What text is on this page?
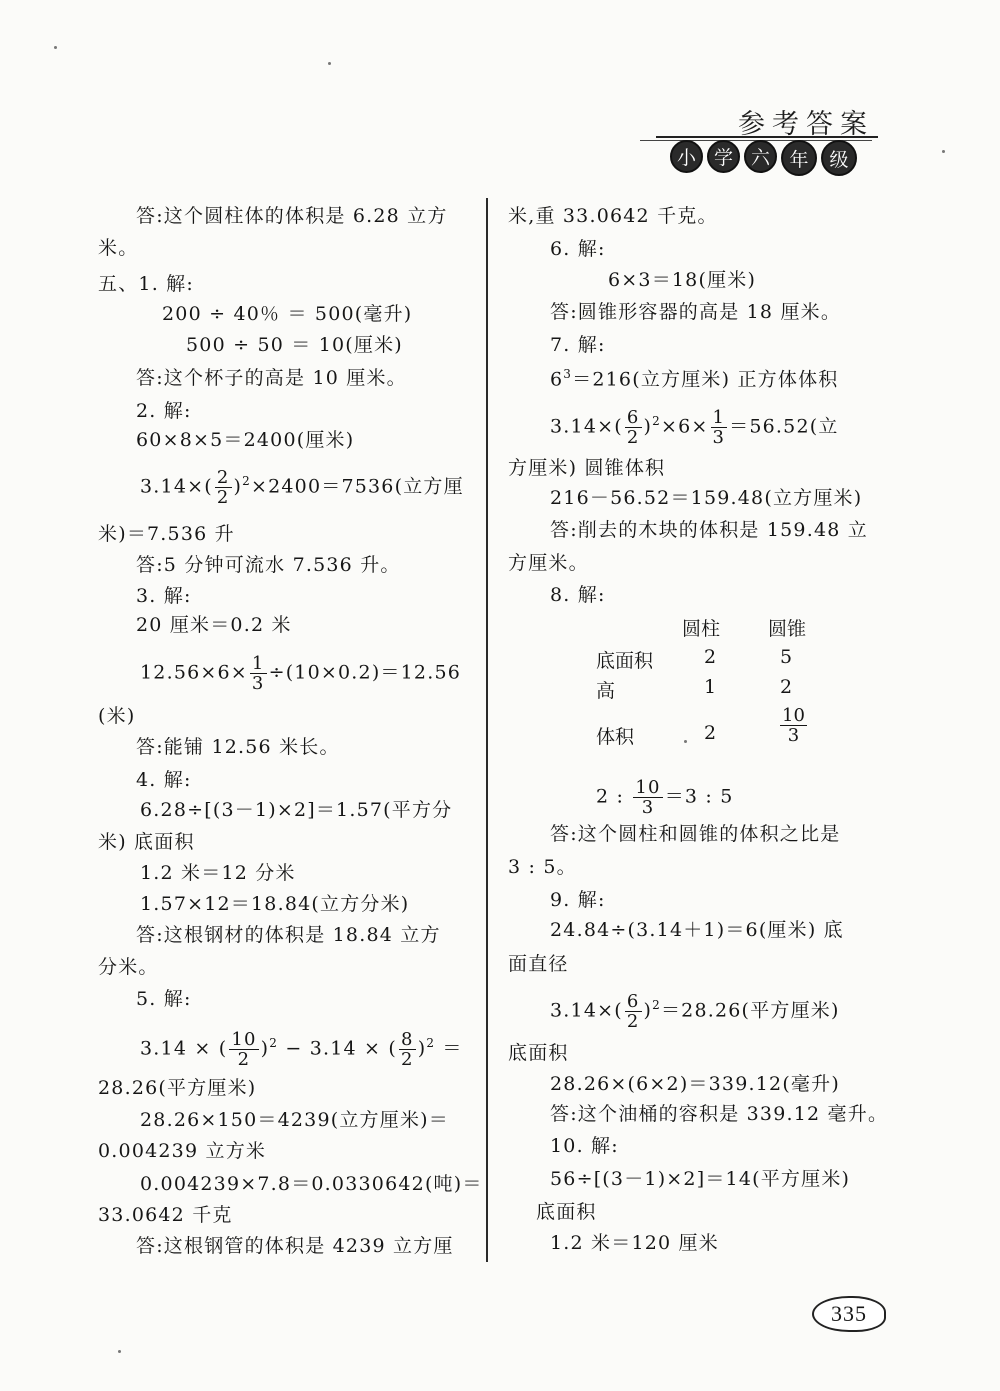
参考答案
小 学 六	年	级
答:这个圆柱体的体积是 6.28 立方
米。
五、1. 解:
200 ÷ 40％ ＝ 500(毫升)
500 ÷ 50 ＝ 10(厘米)
答:这个杯子的高是 10 厘米。
2. 解:
60×8×5＝2400(厘米)
$3.14\times( \frac{2}{2} )^2\times 2400=7536$(立方厘
米)＝7.536 升
答:5 分钟可流水 7.536 升。
3. 解:
20 厘米＝0.2 米
$12.56\times 6\times \frac{1}{3} \div(10\times 0.2)=12.56$
(米)
答:能铺 12.56 米长。
4. 解:
6.28÷[(3－1)×2]＝1.57(平方分
米) 底面积
1.2 米＝12 分米
1.57×12＝18.84(立方分米)
答:这根钢材的体积是 18.84 立方
分米。
5. 解:
3.14 × ( $\frac{10}{2} )^2 - 3.14$ × ( $\frac{8}{2} )^2$ ＝
28.26(平方厘米)
28.26×150＝4239(立方厘米)＝
0.004239 立方米
0.004239×7.8＝0.0330642(吨)＝
33.0642 千克
答:这根钢管的体积是 4239 立方厘
米,重 33.0642 千克。
6. 解:
6×3＝18(厘米)
答:圆锥形容器的高是 18 厘米。
7. 解:
$6^3=216$(立方厘米) 正方体体积
$3.14\times( \frac{6}{2} )^2\times 6\times \frac{1}{3} =56.52$(立
方厘米) 圆锥体积
216－56.52＝159.48(立方厘米)
答:削去的木块的体积是 159.48 立
方厘米。
8. 解:
圆柱	圆锥
底面积	2	5
高	1	2
体积	2	$\frac{10}{3}$
2 : $\frac{10}{3} =3$ : 5
答:这个圆柱和圆锥的体积之比是
3 : 5。
9. 解:
24.84÷(3.14＋1)＝6(厘米) 底
面直径
$3.14\times( \frac{6}{2} )^2=28.26$(平方厘米)
底面积
28.26×(6×2)＝339.12(毫升)
答:这个油桶的容积是 339.12 毫升。
10. 解:
56÷[(3－1)×2]＝14(平方厘米)
底面积
1.2 米＝120 厘米
335
